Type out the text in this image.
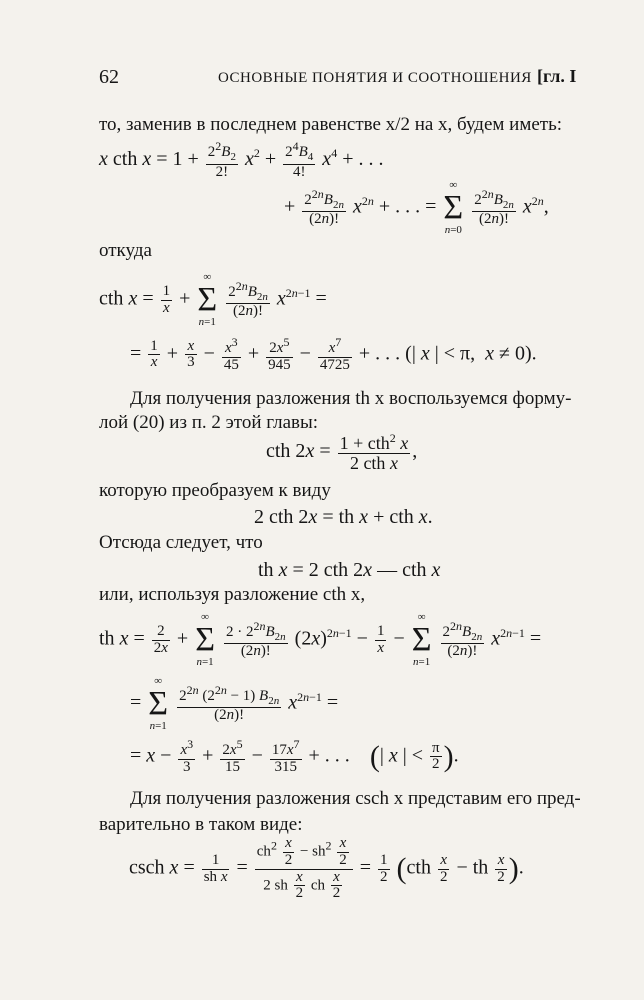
62	ОСНОВНЫЕ ПОНЯТИЯ И СООТНОШЕНИЯ [гл. I
то, заменив в последнем равенстве x/2 на x, будем иметь:
x cth $x = 1 + \frac{2^2B_2}{2!} x^2 + \frac{2^4B_4}{4!} x^4$ + . . .
+ $\frac{2^{2n}B_{2n}}{(2n)!} x^{2n}$ + . . . =
∞
Σ
n=0

$\frac{2^{2n}B_{2n}}{(2n)!} x^{2n}$,
откуда
cth $x = \frac{1}{x}$ +
∞
Σ
n=1

$\frac{2^{2n}B_{2n}}{(2n)!} x^{2n-1}$ =
= $\frac{1}{x} + \frac{x}{3} - \frac{x^3}{45} + \frac{2x^5}{945} - \frac{x^7}{4725}$ + . . . (| x | < π,  x ≠ 0).
Для получения разложения th x воспользуемся форму-
лой (20) из п. 2 этой главы:
cth $2x = \frac{1 + cth^2 x}{\text{2 cth x}}$ ,
которую преобразуем к виду
2 cth 2x = th x + cth x.
Отсюда следует, что
th x = 2 cth 2x — cth x
или, используя разложение cth x,
th $x = \frac{2}{2x}$ +
∞
Σ
n=1

$\frac{2 \cdot 2^{2n}B_{2n}}{(2n)!} (2x)^{2n-1} - \frac{1}{x}$ −
∞
Σ
n=1

$\frac{2^{2n}B_{2n}}{(2n)!} x^{2n-1}$ =
=
∞
Σ
n=1

$\frac{2^{2n} (2^{2n} - 1) B_{2n}}{(2n)!} x^{2n-1}$ =
= $x - \frac{x^3}{3} + \frac{2x^5}{15} - \frac{17x^7}{315}$ + . . .    (| x | < $\frac{\pi}{2}$ ).
Для получения разложения csch x представим его пред-
варительно в таком виде:
csch $x = \frac{1}{\text{sh x}} = \frac{ch^2 \frac{x}{2} - sh^2 \frac{x}{2}}{2 sh \frac{x}{2} ch \frac{x}{2}} = \frac{1}{2} (cth \frac{x}{2}$ − th $\frac{x}{2}$ ).
